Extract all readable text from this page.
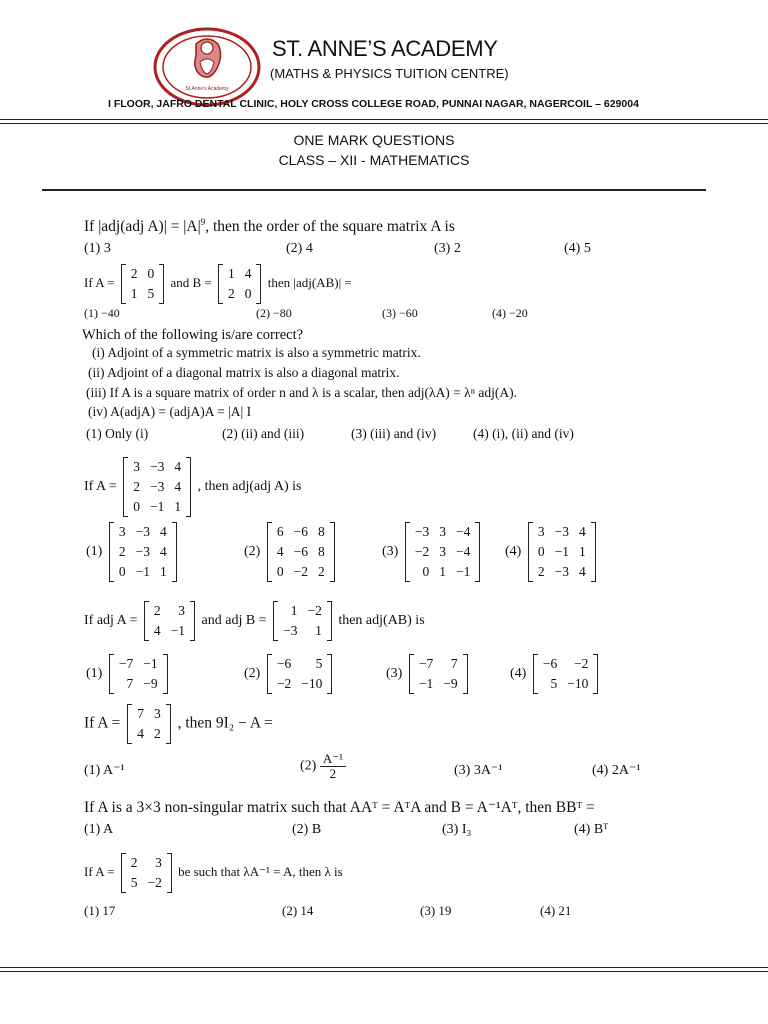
St.Anne's Academy
ST. ANNE’S ACADEMY
(MATHS & PHYSICS TUITION CENTRE)
I FLOOR, JAFRO DENTAL CLINIC, HOLY CROSS COLLEGE ROAD, PUNNAI NAGAR, NAGERCOIL – 629004
ONE MARK QUESTIONS
CLASS – XII - MATHEMATICS
If |adj(adj $A)| = |A|^9$, then the order of the square matrix A is
(1) 3	(2) 4	(3) 2	(4) 5
If A =
2	0
1	5
and B =
1	4
2	0
then |adj(AB)| =
(1) −40	(2) −80	(3) −60	(4) −20
Which of the following is/are correct?
(i) Adjoint of a symmetric matrix is also a symmetric matrix.
(ii) Adjoint of a diagonal matrix is also a diagonal matrix.
(iii) If A is a square matrix of order n and λ is a scalar, then adj(λA) = λⁿ adj(A).
(iv) A(adjA) = (adjA)A = |A| I
(1) Only (i)	(2) (ii) and (iii)	(3) (iii) and (iv)	(4) (i), (ii) and (iv)
If A =
3	−3	4
2	−3	4
0	−1	1
, then adj(adj A) is
(1)
3	−3	4
2	−3	4
0	−1	1
(2)
6	−6	8
4	−6	8
0	−2	2
(3)
−3	3	−4
−2	3	−4
0	1	−1
(4)
3	−3	4
0	−1	1
2	−3	4
If adj A =
2	3
4	−1
and adj B =
1	−2
−3	1
then adj(AB) is
(1)
−7	−1
7	−9
(2)
−6	5
−2	−10
(3)
−7	7
−1	−9
(4)
−6	−2
5	−10
If A =
7	3
4	2
, then 9I₂ − A =
(1) A⁻¹	$(2) \frac{\text{A⁻¹}}{2}$	(3) 3A⁻¹	(4) 2A⁻¹
If A is a 3×3 non-singular matrix such that AAᵀ = AᵀA and B = A⁻¹Aᵀ, then BBᵀ =
(1) A	(2) B	(3) I₃	(4) Bᵀ
If A =
2	3
5	−2
be such that λA⁻¹ = A, then λ is
(1) 17	(2) 14	(3) 19	(4) 21
